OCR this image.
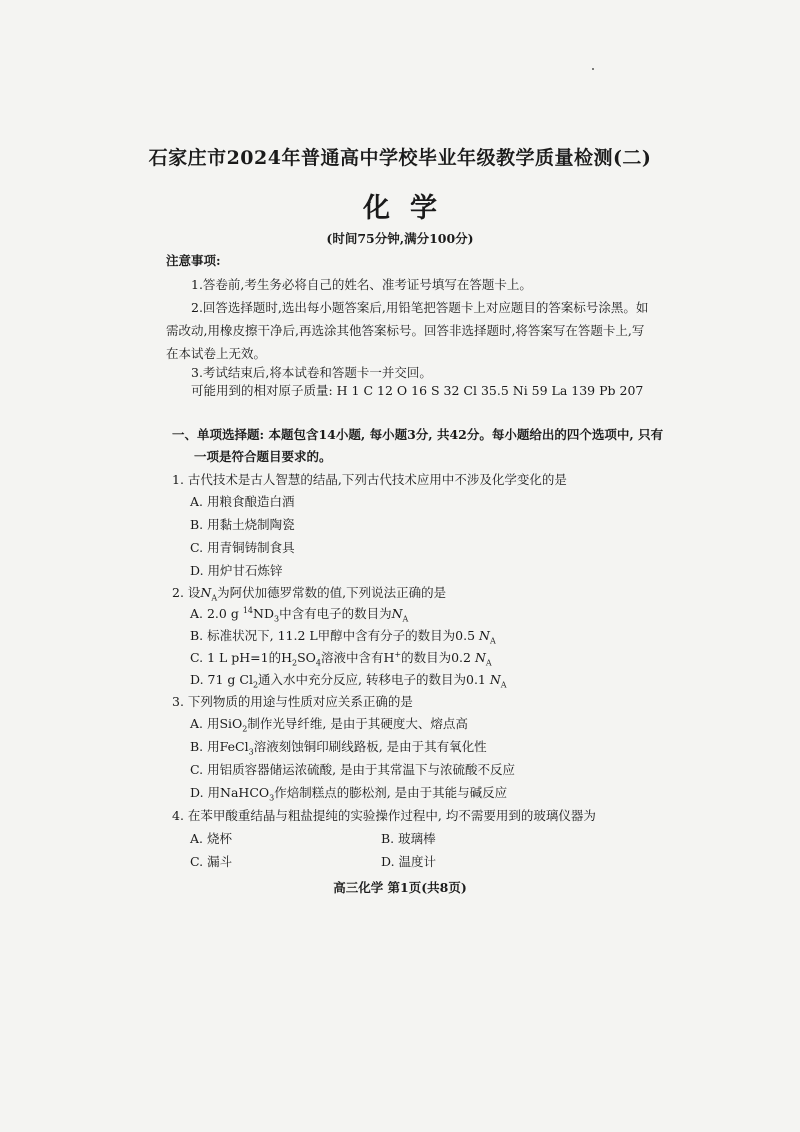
石家庄市2024年普通高中学校毕业年级教学质量检测(二)
化学
(时间75分钟,满分100分)
注意事项:
1.答卷前,考生务必将自己的姓名、准考证号填写在答题卡上。
2.回答选择题时,选出每小题答案后,用铅笔把答题卡上对应题目的答案标号涂黑。如需改动,用橡皮擦干净后,再选涂其他答案标号。回答非选择题时,将答案写在答题卡上,写在本试卷上无效。
3.考试结束后,将本试卷和答题卡一并交回。
可能用到的相对原子质量: H 1 C 12 O 16 S 32 Cl 35.5 Ni 59 La 139 Pb 207
一、单项选择题: 本题包含14小题, 每小题3分, 共42分。每小题给出的四个选项中, 只有
一项是符合题目要求的。
1. 古代技术是古人智慧的结晶,下列古代技术应用中不涉及化学变化的是
A. 用粮食酿造白酒
B. 用黏土烧制陶瓷
C. 用青铜铸制食具
D. 用炉甘石炼锌
2. 设$N_A$为阿伏加德罗常数的值,下列说法正确的是
A. 2.0 g $^{14}ND_3$中含有电子的数目为$N_A$
B. 标准状况下, 11.2 L甲醇中含有分子的数目为0.5 $N_A$
C. 1 L pH=1的$H_2SO_4$溶液中含有H+的数目为0.2 $N_A$
D. 71 g $Cl_2$通入水中充分反应, 转移电子的数目为0.1 $N_A$
3. 下列物质的用途与性质对应关系正确的是
A. 用SiO$_2$制作光导纤维, 是由于其硬度大、熔点高
B. 用FeCl$_3$溶液刻蚀铜印刷线路板, 是由于其有氧化性
C. 用铝质容器储运浓硫酸, 是由于其常温下与浓硫酸不反应
D. 用NaHCO$_3$作焙制糕点的膨松剂, 是由于其能与碱反应
4. 在苯甲酸重结晶与粗盐提纯的实验操作过程中, 均不需要用到的玻璃仪器为
A. 烧杯	B. 玻璃棒
C. 漏斗	D. 温度计
高三化学 第1页(共8页)
